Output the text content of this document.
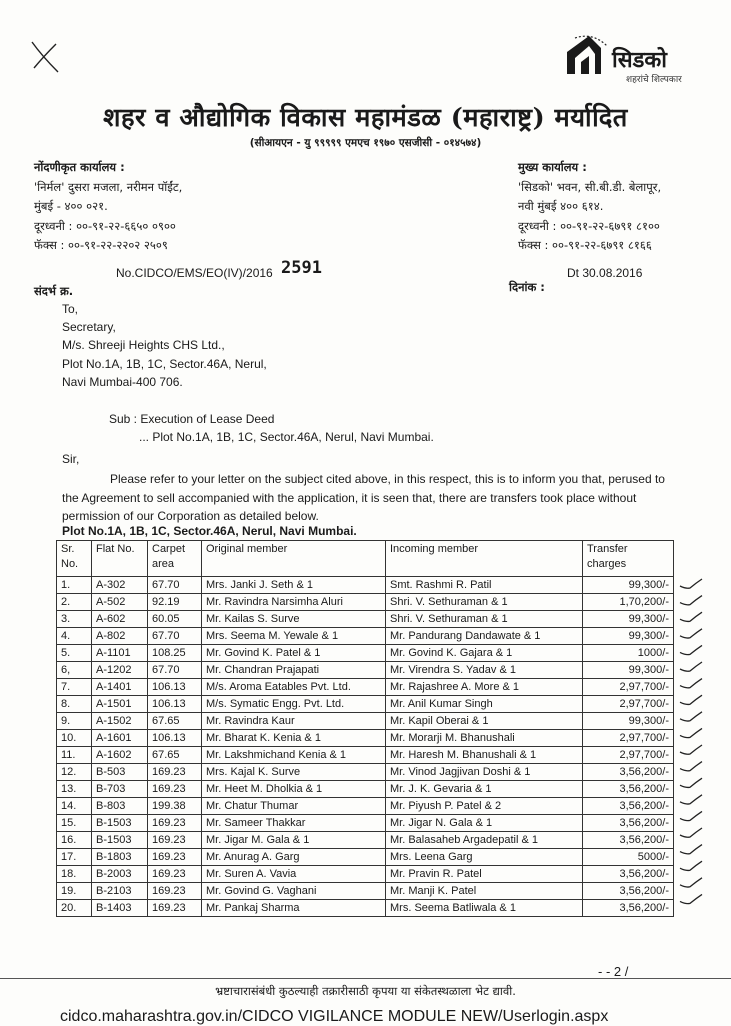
सिडको
शहरांचे शिल्पकार
शहर व औद्योगिक विकास महामंडळ (महाराष्ट्र) मर्यादित
(सीआयएन - यु ९९९९९ एमएच १९७० एसजीसी - ०१४५७४)
नोंदणीकृत कार्यालय :
'निर्मल' दुसरा मजला, नरीमन पॉईंट,
मुंबई - ४०० ०२१.
दूरध्वनी : ००-९१-२२-६६५० ०९००
फॅक्स : ००-९१-२२-२२०२ २५०९
मुख्य कार्यालय :
'सिडको' भवन, सी.बी.डी. बेलापूर,
नवी मुंबई ४०० ६१४.
दूरध्वनी : ००-९१-२२-६७९१ ८१००
फॅक्स : ००-९१-२२-६७९१ ८१६६
No.CIDCO/EMS/EO(IV)/2016 2591
संदर्भ क्र.
Dt 30.08.2016
दिनांक :
To,
Secretary,
M/s. Shreeji Heights CHS Ltd.,
Plot No.1A, 1B, 1C, Sector.46A, Nerul,
Navi Mumbai-400 706.
Sub : Execution of Lease Deed
... Plot No.1A, 1B, 1C, Sector.46A, Nerul, Navi Mumbai.
Sir,
Please refer to your letter on the subject cited above, in this respect, this is to inform you that, perused to the Agreement to sell accompanied with the application, it is seen that, there are transfers took place without permission of our Corporation as detailed below.
Plot No.1A, 1B, 1C, Sector.46A, Nerul, Navi Mumbai.
Sr. No.	Flat No.	Carpet area	Original member	Incoming member	Transfer charges
1.	A-302	67.70	Mrs. Janki J. Seth & 1	Smt. Rashmi R. Patil	99,300/-
2.	A-502	92.19	Mr. Ravindra Narsimha Aluri	Shri. V. Sethuraman & 1	1,70,200/-
3.	A-602	60.05	Mr. Kailas S. Surve	Shri. V. Sethuraman & 1	99,300/-
4.	A-802	67.70	Mrs. Seema M. Yewale & 1	Mr. Pandurang Dandawate & 1	99,300/-
5.	A-1101	108.25	Mr. Govind K. Patel & 1	Mr. Govind K. Gajara & 1	1000/-
6,	A-1202	67.70	Mr. Chandran Prajapati	Mr. Virendra S. Yadav & 1	99,300/-
7.	A-1401	106.13	M/s. Aroma Eatables Pvt. Ltd.	Mr. Rajashree A. More & 1	2,97,700/-
8.	A-1501	106.13	M/s. Symatic Engg. Pvt. Ltd.	Mr. Anil Kumar Singh	2,97,700/-
9.	A-1502	67.65	Mr. Ravindra Kaur	Mr. Kapil Oberai & 1	99,300/-
10.	A-1601	106.13	Mr. Bharat K. Kenia & 1	Mr. Morarji M. Bhanushali	2,97,700/-
11.	A-1602	67.65	Mr. Lakshmichand Kenia & 1	Mr. Haresh M. Bhanushali & 1	2,97,700/-
12.	B-503	169.23	Mrs. Kajal K. Surve	Mr. Vinod Jagjivan Doshi & 1	3,56,200/-
13.	B-703	169.23	Mr. Heet M. Dholkia & 1	Mr. J. K. Gevaria & 1	3,56,200/-
14.	B-803	199.38	Mr. Chatur Thumar	Mr. Piyush P. Patel & 2	3,56,200/-
15.	B-1503	169.23	Mr. Sameer Thakkar	Mr. Jigar N. Gala & 1	3,56,200/-
16.	B-1503	169.23	Mr. Jigar M. Gala & 1	Mr. Balasaheb Argadepatil & 1	3,56,200/-
17.	B-1803	169.23	Mr. Anurag A. Garg	Mrs. Leena Garg	5000/-
18.	B-2003	169.23	Mr. Suren A. Vavia	Mr. Pravin R. Patel	3,56,200/-
19.	B-2103	169.23	Mr. Govind G. Vaghani	Mr. Manji K. Patel	3,56,200/-
20.	B-1403	169.23	Mr. Pankaj Sharma	Mrs. Seema Batliwala & 1	3,56,200/-
- - 2 /
भ्रष्टाचारासंबंधी कुठल्याही तक्रारीसाठी कृपया या संकेतस्थळाला भेट द्यावी.
cidco.maharashtra.gov.in/CIDCO VIGILANCE MODULE NEW/Userlogin.aspx
